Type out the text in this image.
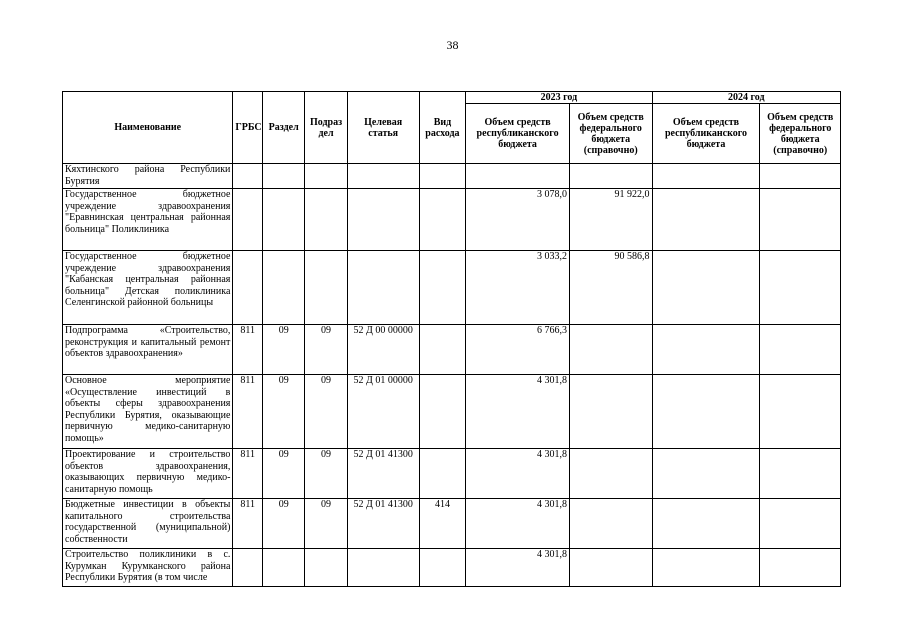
38
Наименование	ГРБС	Раздел	Подраз дел	Целевая статья	Вид расхода	2023 год		2024 год	
						Объем средств республиканского бюджета	Объем средств федерального бюджета (справочно)	Объем средств республиканского бюджета	Объем средств федерального бюджета (справочно)
Кяхтинского района Республики Бурятия									
Государственное бюджетное учреждение здравоохранения "Еравнинская центральная районная больница" Поликлиника						3 078,0	91 922,0		
Государственное бюджетное учреждение здравоохранения "Кабанская центральная районная больница" Детская поликлиника Селенгинской районной больницы						3 033,2	90 586,8		
Подпрограмма «Строительство, реконструкция и капитальный ремонт объектов здравоохранения»	811	09	09	52 Д 00 00000		6 766,3			
Основное мероприятие «Осуществление инвестиций в объекты сферы здравоохранения Республики Бурятия, оказывающие первичную медико-санитарную помощь»	811	09	09	52 Д 01 00000		4 301,8			
Проектирование и строительство объектов здравоохранения, оказывающих первичную медико-санитарную помощь	811	09	09	52 Д 01 41300		4 301,8			
Бюджетные инвестиции в объекты капитального строительства государственной (муниципальной) собственности	811	09	09	52 Д 01 41300	414	4 301,8			
Строительство поликлиники в с. Курумкан Курумканского района Республики Бурятия (в том числе						4 301,8			
